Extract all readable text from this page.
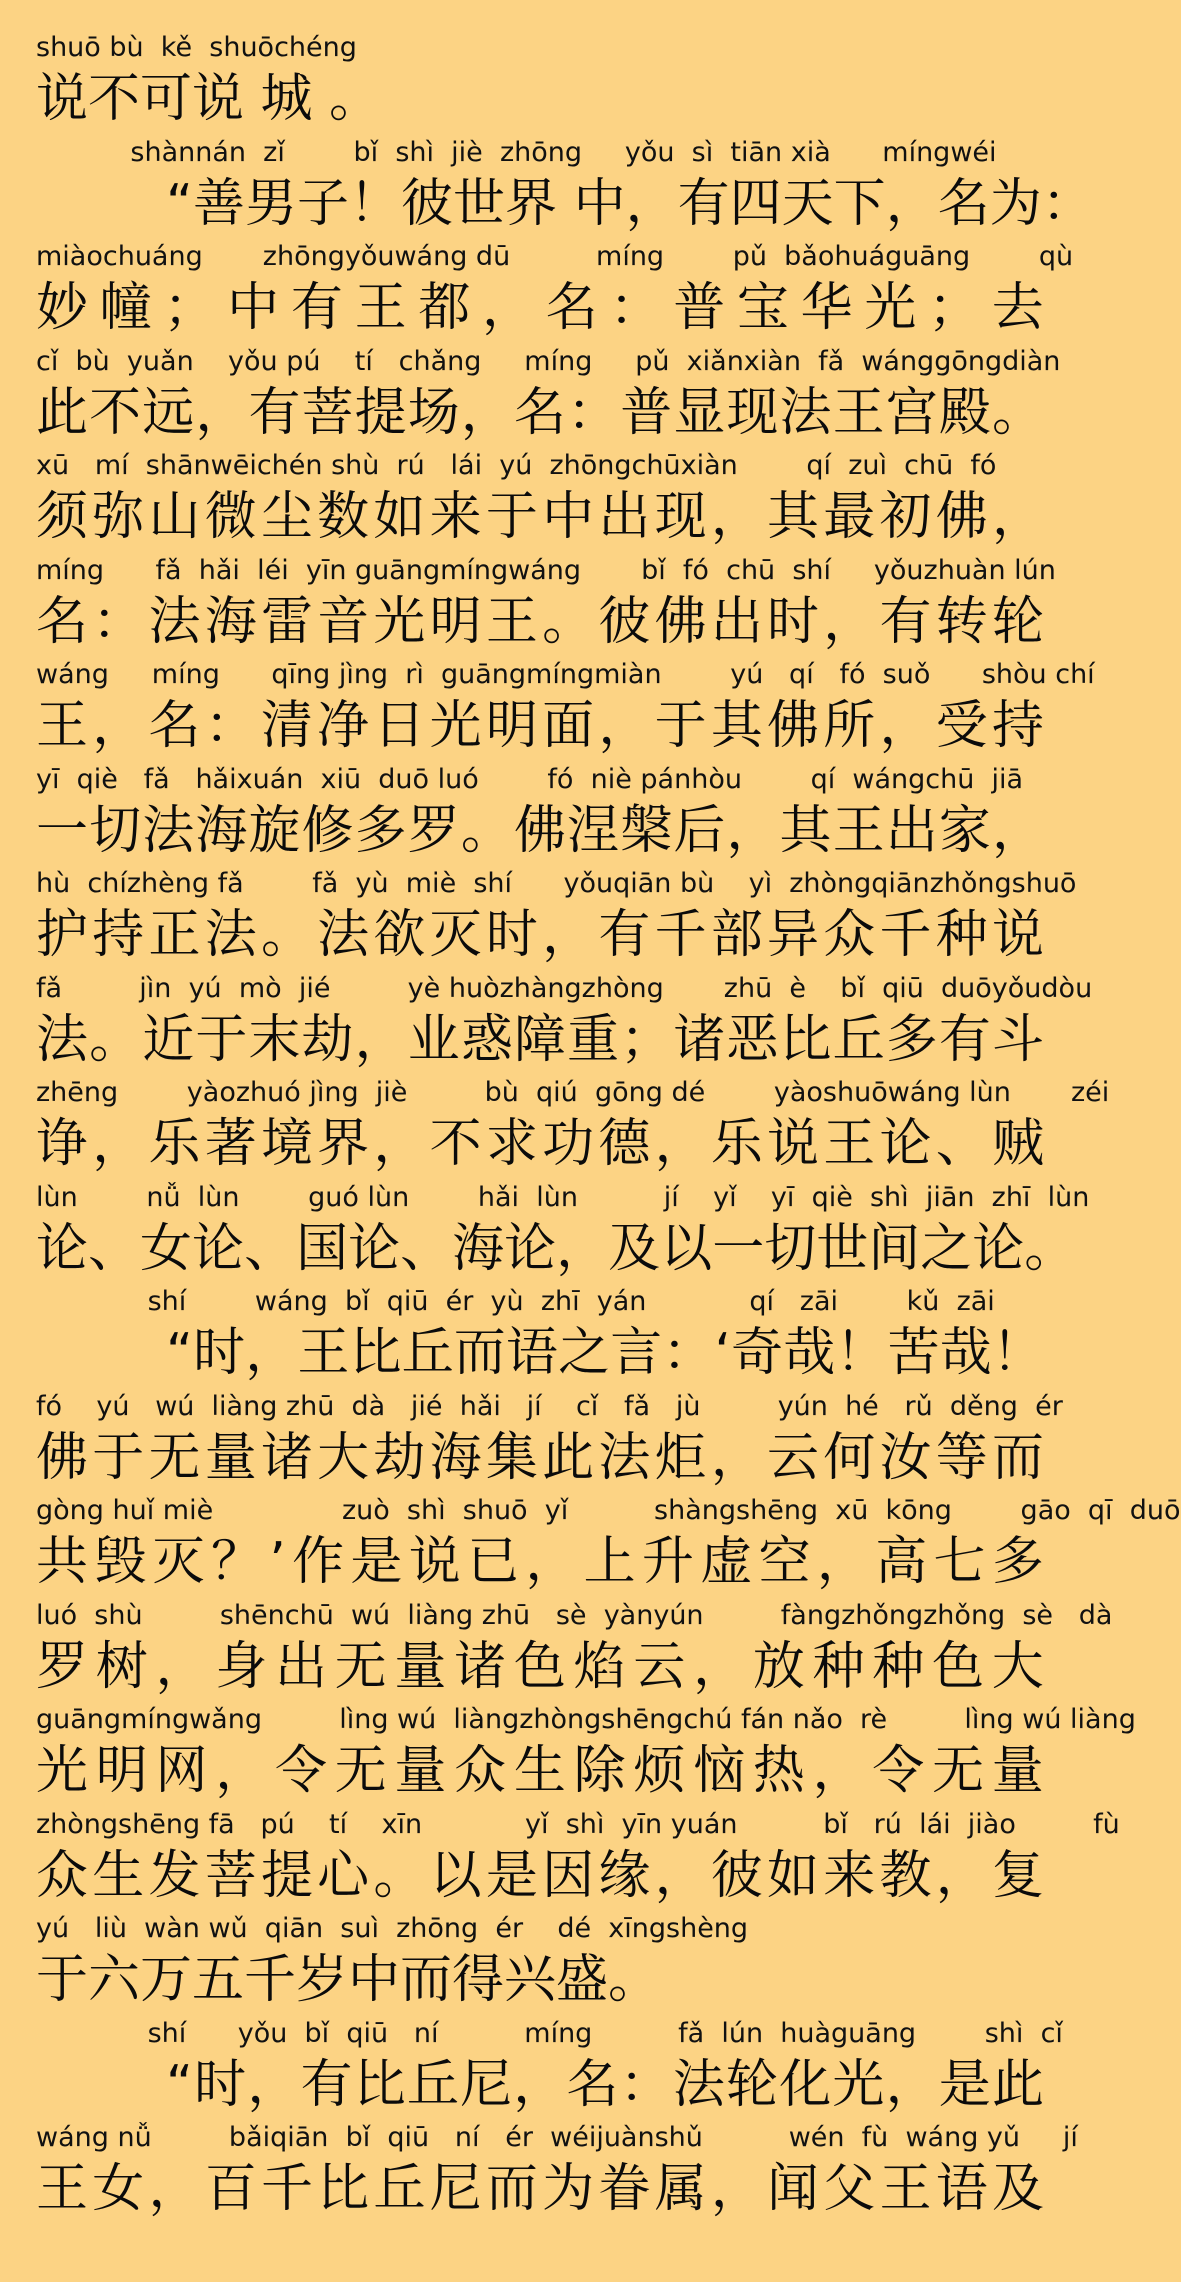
shuō bù  kě  shuōchéng
说不可说 城 。
shànnán  zǐ        bǐ  shì  jiè  zhōng     yǒu  sì  tiān xià      míngwéi
“ 善 男 子 ！ 彼 世 界
中 ， 有 四 天 下 ， 名 为 ：
miàochuáng       zhōngyǒuwáng dū          míng        pǔ  bǎohuáguāng        qù
妙 幢 ； 中 有 王 都 ， 名 ： 普 宝 华 光 ； 去
cǐ  bù  yuǎn    yǒu pú    tí   chǎng     míng     pǔ  xiǎnxiàn  fǎ  wánggōngdiàn
此 不 远 ， 有 菩 提 场 ， 名 ： 普 显 现 法 王 宫 殿 。
xū   mí  shānwēichén shù  rú   lái  yú  zhōngchūxiàn        qí  zuì  chū  fó
须 弥 山 微 尘 数 如 来 于 中 出 现 ， 其 最 初 佛 ，
míng      fǎ  hǎi  léi  yīn guāngmíngwáng       bǐ  fó  chū  shí     yǒuzhuàn lún
名 ： 法 海 雷 音 光 明 王 。 彼 佛 出 时 ， 有 转 轮
wáng     míng      qīng jìng  rì  guāngmíngmiàn        yú   qí   fó  suǒ      shòu chí
王 ， 名 ： 清 净 日 光 明 面 ， 于 其 佛 所 ， 受 持
yī  qiè   fǎ   hǎixuán  xiū  duō luó        fó  niè pánhòu        qí  wángchū  jiā
一 切 法 海 旋 修 多 罗 。 佛 涅 槃 后 ， 其 王 出 家 ，
hù  chízhèng fǎ        fǎ  yù  miè  shí      yǒuqiān bù    yì  zhòngqiānzhǒngshuō
护 持 正 法 。 法 欲 灭 时 ， 有 千 部 异 众 千 种 说
fǎ         jìn  yú  mò  jié         yè huòzhàngzhòng       zhū  è    bǐ  qiū  duōyǒudòu
法 。 近 于 末 劫 ， 业 惑 障 重 ； 诸 恶 比 丘 多 有 斗
zhēng        yàozhuó jìng  jiè         bù  qiú  gōng dé        yàoshuōwáng lùn       zéi
诤 ， 乐 著 境 界 ， 不 求 功 德 ， 乐 说 王 论 、 贼
lùn        nǚ  lùn        guó lùn        hǎi  lùn          jí    yǐ    yī  qiè  shì  jiān  zhī  lùn
论 、 女 论 、 国 论 、 海 论 ， 及 以 一 切 世 间 之 论 。
shí        wáng  bǐ  qiū  ér  yù  zhī  yán            qí   zāi        kǔ  zāi
“ 时 ， 王 比 丘 而 语 之 言 ： ‘ 奇 哉 ！ 苦 哉 ！
fó    yú   wú  liàng zhū  dà   jié  hǎi   jí    cǐ   fǎ   jù         yún  hé   rǔ  děng  ér
佛 于 无 量 诸 大 劫 海 集 此 法 炬 ， 云 何 汝 等 而
gòng huǐ miè               zuò  shì  shuō  yǐ          shàngshēng  xū  kōng        gāo  qī  duō
共 毁 灭 ？ ’ 作 是 说 已 ， 上 升 虚 空 ， 高 七 多
luó  shù         shēnchū  wú  liàng zhū   sè  yànyún         fàngzhǒngzhǒng  sè   dà
罗 树 ， 身 出 无 量 诸 色 焰 云 ， 放 种 种 色 大
guāngmíngwǎng         lìng wú  liàngzhòngshēngchú fán nǎo  rè         lìng wú liàng
光 明 网 ， 令 无 量 众 生 除 烦 恼 热 ， 令 无 量
zhòngshēng fā   pú    tí    xīn            yǐ  shì  yīn yuán          bǐ   rú  lái  jiào         fù
众 生 发 菩 提 心 。 以 是 因 缘 ， 彼 如 来 教 ， 复
yú   liù  wàn wǔ  qiān  suì  zhōng  ér    dé  xīngshèng
于六万五千岁中而得兴盛。
shí      yǒu  bǐ  qiū   ní          míng          fǎ  lún  huàguāng        shì  cǐ
“ 时 ， 有 比 丘 尼 ， 名 ： 法 轮 化 光 ， 是 此
wáng nǚ         bǎiqiān  bǐ  qiū   ní   ér  wéijuànshǔ          wén  fù  wáng yǔ     jí
王 女 ， 百 千 比 丘 尼 而 为 眷 属 ， 闻 父 王 语 及
